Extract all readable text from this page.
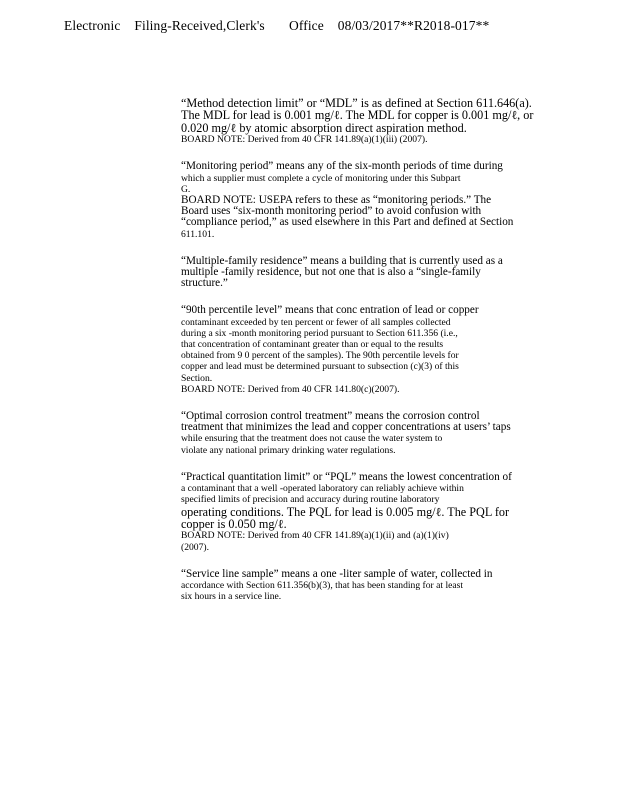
Electronic    Filing-Received,Clerk's       Office    08/03/2017**R2018-017**
“Method detection limit” or “MDL” is as defined at Section 611.646(a).
The MDL for lead is 0.001 mg/ℓ. The MDL for copper is 0.001 mg/ℓ, or
0.020 mg/ℓ by atomic absorption direct aspiration method.
BOARD NOTE: Derived from 40 CFR 141.89(a)(1)(iii) (2007).
“Monitoring period” means any of the six-month periods of time during
which a supplier must complete a cycle of monitoring under this Subpart
G.
BOARD NOTE: USEPA refers to these as “monitoring periods.” The
Board uses “six-month monitoring period” to avoid confusion with
“compliance period,” as used elsewhere in this Part and defined at Section
611.101.
“Multiple-family residence” means a building that is currently used as a
multiple -family residence, but not one that is also a “single-family
structure.”
“90th percentile level” means that conc entration of lead or copper
contaminant exceeded by ten percent or fewer of all samples collected
during a six -month monitoring period pursuant to Section 611.356 (i.e.,
that concentration of contaminant greater than or equal to the results
obtained from 9 0 percent of the samples). The 90th percentile levels for
copper and lead must be determined pursuant to subsection (c)(3) of this
Section.
BOARD NOTE: Derived from 40 CFR 141.80(c)(2007).
“Optimal corrosion control treatment” means the corrosion control
treatment that minimizes the lead and copper concentrations at users’ taps
while ensuring that the treatment does not cause the water system to
violate any national primary drinking water regulations.
“Practical quantitation limit” or “PQL” means the lowest concentration of
a contaminant that a well -operated laboratory can reliably achieve within
specified limits of precision and accuracy during routine laboratory
operating conditions. The PQL for lead is 0.005 mg/ℓ. The PQL for
copper is 0.050 mg/ℓ.
BOARD NOTE: Derived from 40 CFR 141.89(a)(1)(ii) and (a)(1)(iv)
(2007).
“Service line sample” means a one -liter sample of water, collected in
accordance with Section 611.356(b)(3), that has been standing for at least
six hours in a service line.
